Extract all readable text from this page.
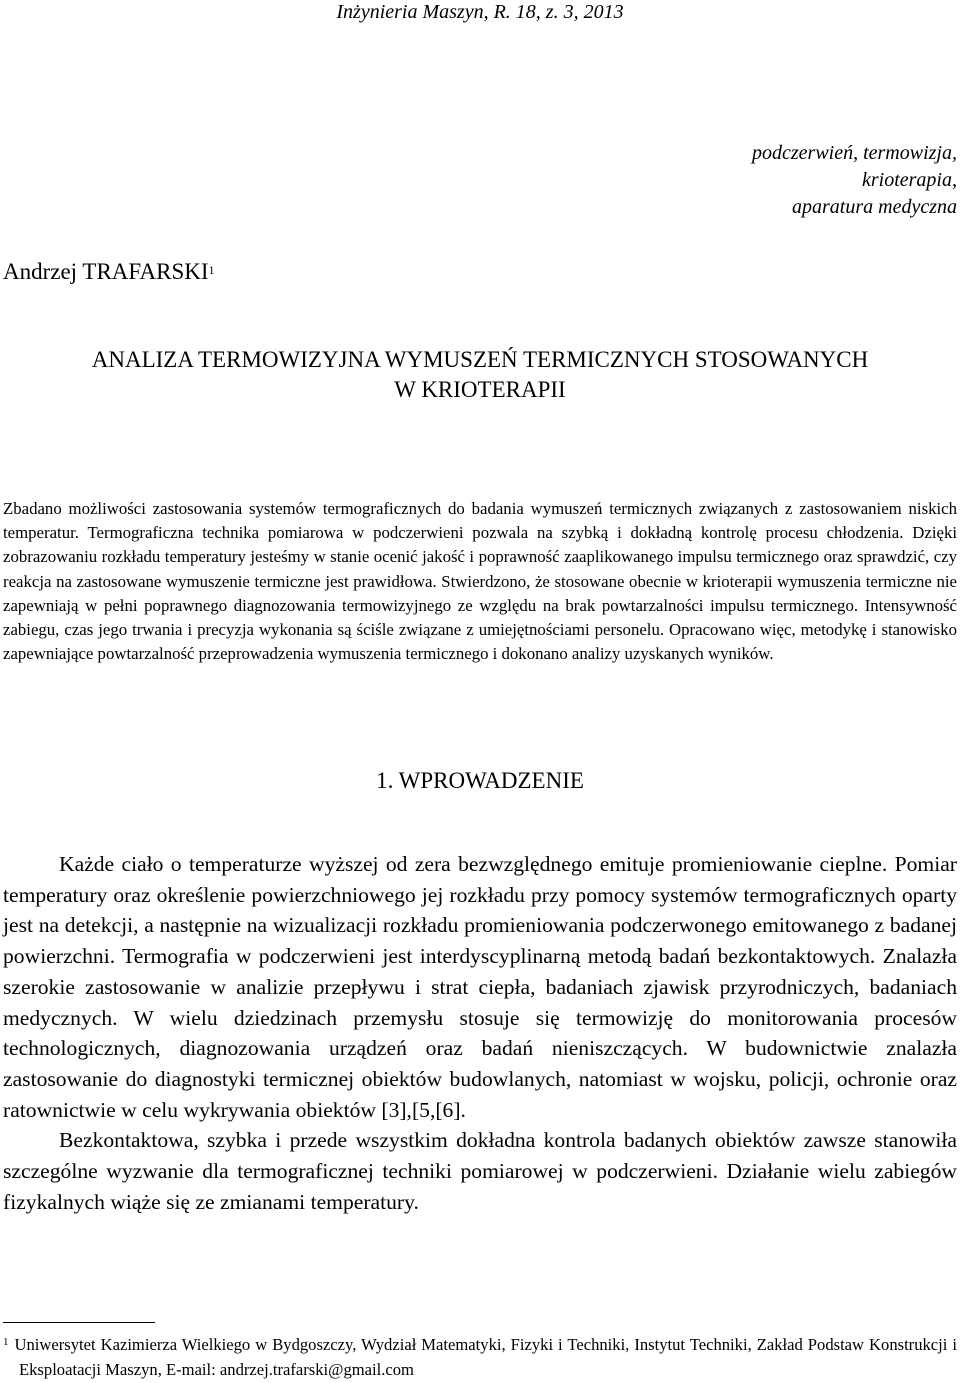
Inżynieria Maszyn, R. 18, z. 3, 2013
podczerwień, termowizja,
krioterapia,
aparatura medyczna
Andrzej TRAFARSKI$^1$
ANALIZA TERMOWIZYJNA WYMUSZEŃ TERMICZNYCH STOSOWANYCH
W KRIOTERAPII

Zbadano możliwości zastosowania systemów termograficznych do badania wymuszeń termicznych związanych z zastosowaniem niskich temperatur. Termograficzna technika pomiarowa w podczerwieni pozwala na szybką i dokładną kontrolę procesu chłodzenia. Dzięki zobrazowaniu rozkładu temperatury jesteśmy w stanie ocenić jakość i poprawność zaaplikowanego impulsu termicznego oraz sprawdzić, czy reakcja na zastosowane wymuszenie termiczne jest prawidłowa. Stwierdzono, że stosowane obecnie w krioterapii wymuszenia termiczne nie zapewniają w pełni poprawnego diagnozowania termowizyjnego ze względu na brak powtarzalności impulsu termicznego. Intensywność zabiegu, czas jego trwania i precyzja wykonania są ściśle związane z umiejętnościami personelu. Opracowano więc, metodykę i stanowisko zapewniające powtarzalność przeprowadzenia wymuszenia termicznego i dokonano analizy uzyskanych wyników.

1. WPROWADZENIE

Każde ciało o temperaturze wyższej od zera bezwzględnego emituje promieniowanie cieplne. Pomiar temperatury oraz określenie powierzchniowego jej rozkładu przy pomocy systemów termograficznych oparty jest na detekcji, a następnie na wizualizacji rozkładu promieniowania podczerwonego emitowanego z badanej powierzchni. Termografia w podczerwieni jest interdyscyplinarną metodą badań bezkontaktowych. Znalazła szerokie zastosowanie w analizie przepływu i strat ciepła, badaniach zjawisk przyrodniczych, badaniach medycznych. W wielu dziedzinach przemysłu stosuje się termowizję do monitorowania procesów technologicznych, diagnozowania urządzeń oraz badań nieniszczących. W budownictwie znalazła zastosowanie do diagnostyki termicznej obiektów budowlanych, natomiast w wojsku, policji, ochronie oraz ratownictwie w celu wykrywania obiektów [3],[5,[6].

Bezkontaktowa, szybka i przede wszystkim dokładna kontrola badanych obiektów zawsze stanowiła szczególne wyzwanie dla termograficznej techniki pomiarowej w podczerwieni. Działanie wielu zabiegów fizykalnych wiąże się ze zmianami temperatury.

$^1$ Uniwersytet Kazimierza Wielkiego w Bydgoszczy, Wydział Matematyki, Fizyki i Techniki, Instytut Techniki, Zakład Podstaw Konstrukcji i Eksploatacji Maszyn, E-mail: andrzej.trafarski@gmail.com
